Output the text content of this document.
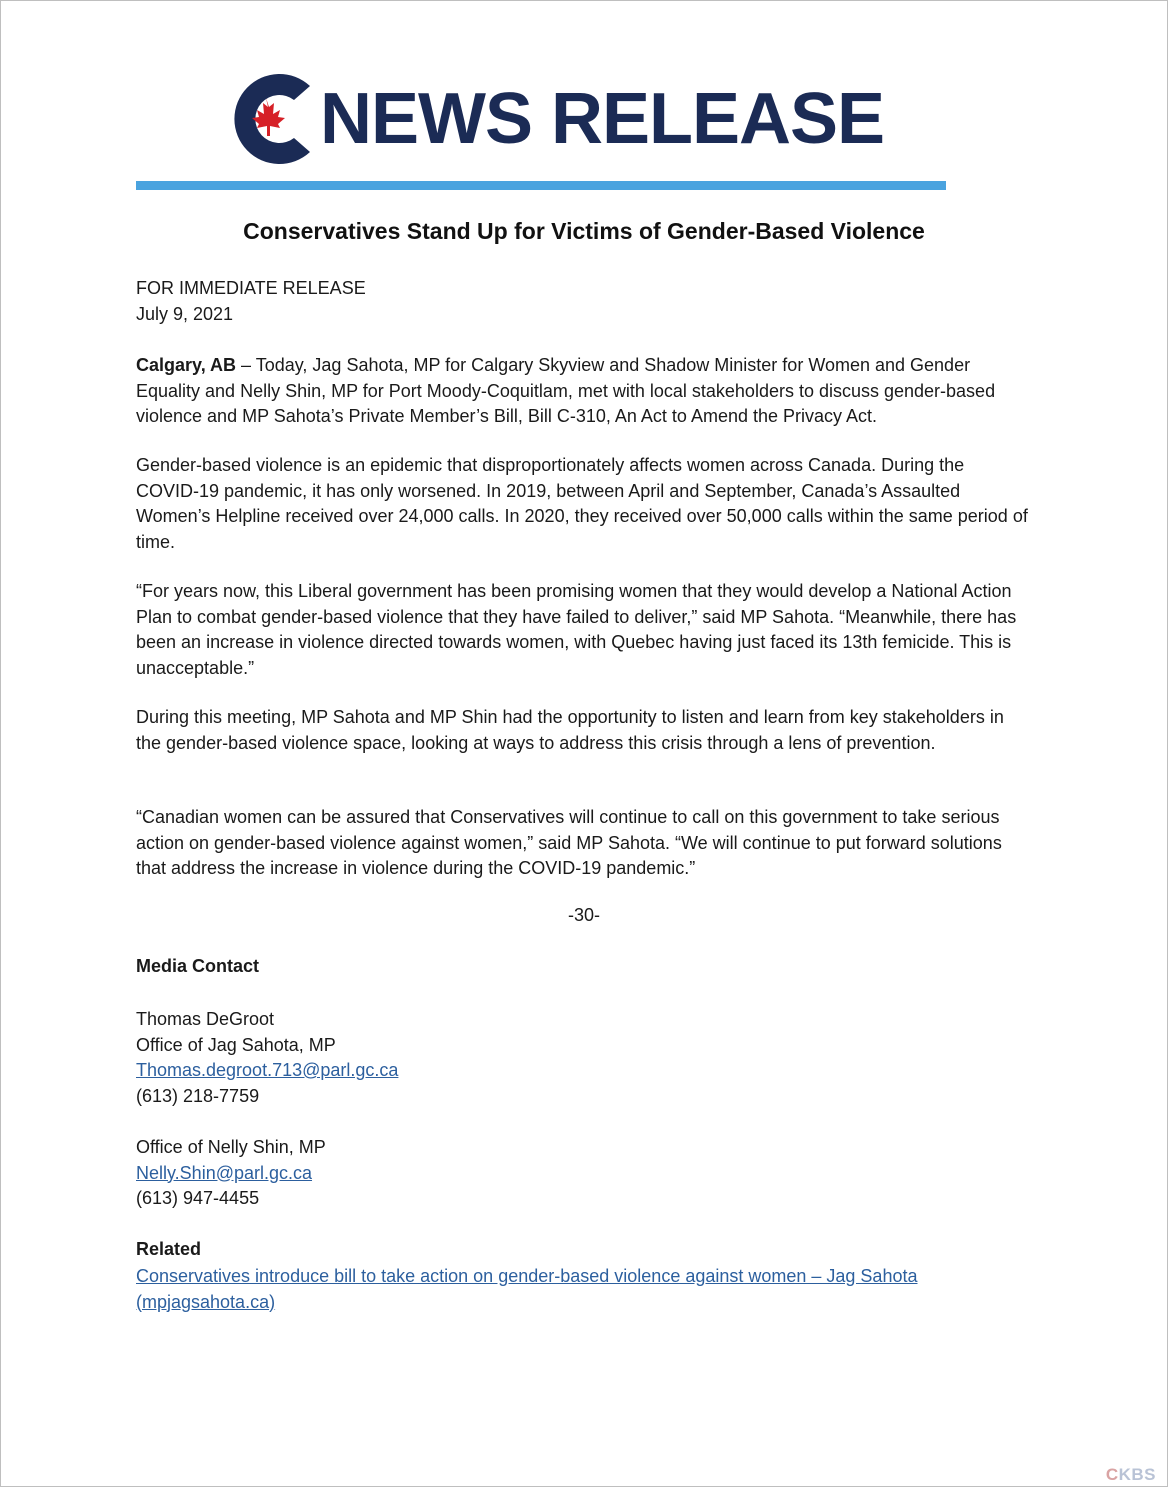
NEWS RELEASE
Conservatives Stand Up for Victims of Gender-Based Violence
FOR IMMEDIATE RELEASE
July 9, 2021

Calgary, AB – Today, Jag Sahota, MP for Calgary Skyview and Shadow Minister for Women and Gender Equality and Nelly Shin, MP for Port Moody-Coquitlam, met with local stakeholders to discuss gender-based violence and MP Sahota’s Private Member’s Bill, Bill C-310, An Act to Amend the Privacy Act.

Gender-based violence is an epidemic that disproportionately affects women across Canada. During the COVID-19 pandemic, it has only worsened. In 2019, between April and September, Canada’s Assaulted Women’s Helpline received over 24,000 calls. In 2020, they received over 50,000 calls within the same period of time.

“For years now, this Liberal government has been promising women that they would develop a National Action Plan to combat gender-based violence that they have failed to deliver,” said MP Sahota. “Meanwhile, there has been an increase in violence directed towards women, with Quebec having just faced its 13th femicide. This is unacceptable.”

During this meeting, MP Sahota and MP Shin had the opportunity to listen and learn from key stakeholders in the gender-based violence space, looking at ways to address this crisis through a lens of prevention.

“Canadian women can be assured that Conservatives will continue to call on this government to take serious action on gender-based violence against women,” said MP Sahota. “We will continue to put forward solutions that address the increase in violence during the COVID-19 pandemic.”

-30-
Media Contact
Thomas DeGroot
Office of Jag Sahota, MP
Thomas.degroot.713@parl.gc.ca
(613) 218-7759
Office of Nelly Shin, MP
Nelly.Shin@parl.gc.ca
(613) 947-4455
Related
Conservatives introduce bill to take action on gender-based violence against women – Jag Sahota (mpjagsahota.ca)
CKBS
